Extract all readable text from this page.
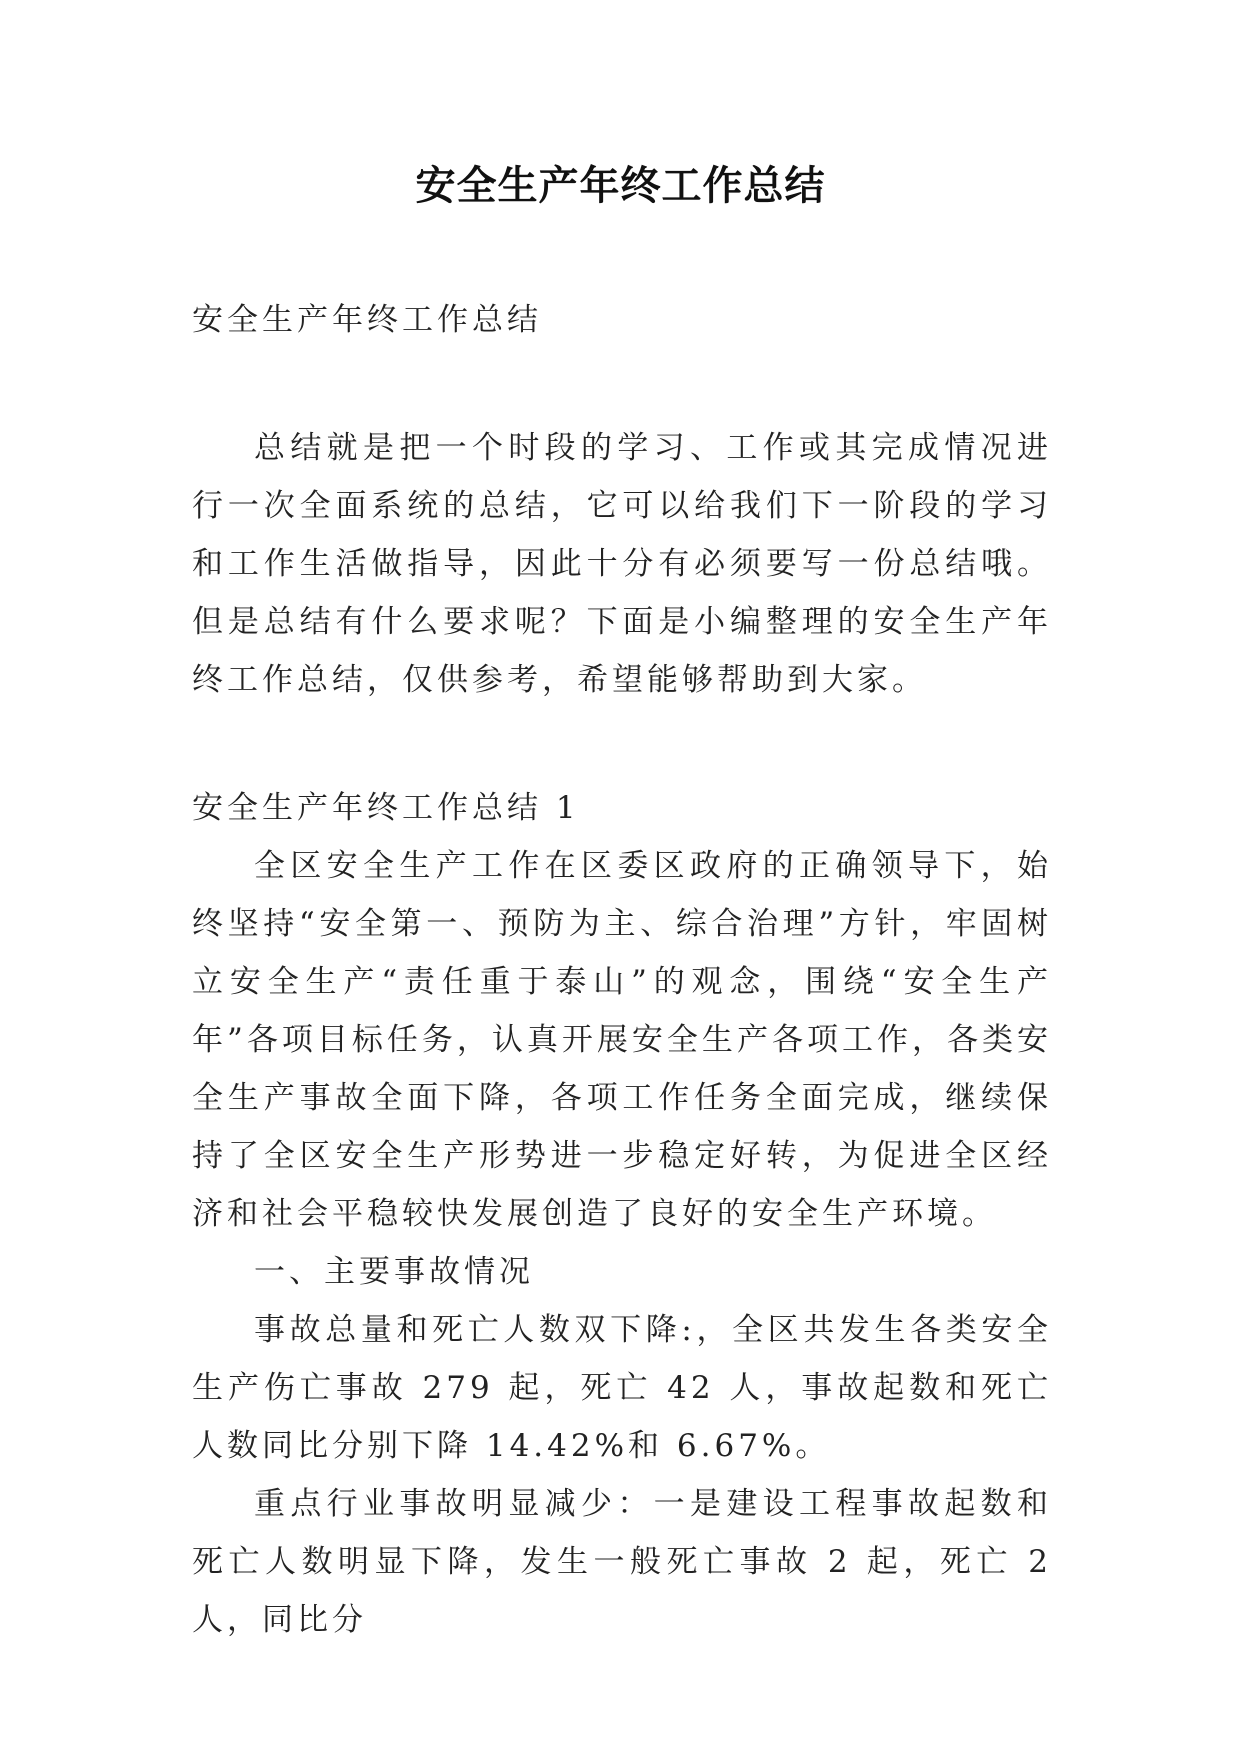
安全生产年终工作总结

安全生产年终工作总结

总结就是把一个时段的学习、工作或其完成情况进行一次全面系统的总结，它可以给我们下一阶段的学习和工作生活做指导，因此十分有必须要写一份总结哦。但是总结有什么要求呢？下面是小编整理的安全生产年终工作总结，仅供参考，希望能够帮助到大家。

安全生产年终工作总结 1

全区安全生产工作在区委区政府的正确领导下，始终坚持“安全第一、预防为主、综合治理”方针，牢固树立安全生产“责任重于泰山”的观念，围绕“安全生产年”各项目标任务，认真开展安全生产各项工作，各类安全生产事故全面下降，各项工作任务全面完成，继续保持了全区安全生产形势进一步稳定好转，为促进全区经济和社会平稳较快发展创造了良好的安全生产环境。

一、主要事故情况

事故总量和死亡人数双下降:，全区共发生各类安全生产伤亡事故 279 起，死亡 42 人，事故起数和死亡人数同比分别下降 14.42%和 6.67%。

重点行业事故明显减少：一是建设工程事故起数和死亡人数明显下降，发生一般死亡事故 2 起，死亡 2 人，同比分
